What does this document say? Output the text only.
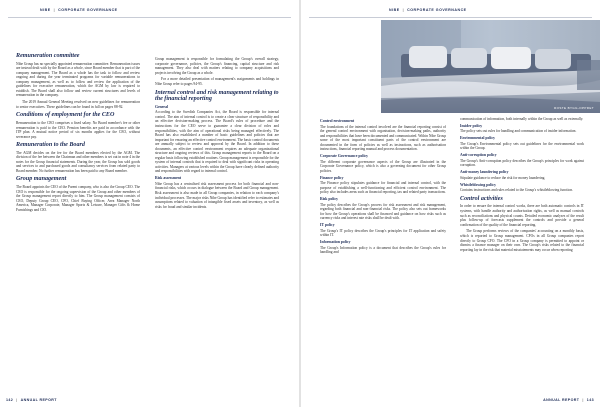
NIBE | CORPORATE GOVERNANCE
Remuneration committee

Nibe Group has no specially appointed remuneration committee. Remuneration issues are instead dealt with by the Board as a whole, since Board member that is part of the company management. The Board as a whole has the task to follow and review ongoing and during the year terminated programs for variable remunerations to company management, as well as to follow and review the application of the guidelines for executive remuneration, which the AGM by law is required to establish. The Board shall also follow and review current structures and levels of remuneration in the company.

The 2019 Annual General Meeting resolved on new guidelines for remuneration to senior executives. These guidelines can be found in full on pages 88-92.

Conditions of employment for the CEO

Remuneration to the CEO comprises a fixed salary. No Board member's fee or other remuneration is paid to the CEO. Pension benefits are paid in accordance with the ITP plan. A mutual notice period of six months applies for the CEO, without severance pay.

Remuneration to the Board

The AGM decides on the fee for the Board members elected by the AGM. The division of the fee between the Chairman and other members is set out in note 4 in the notes for the Group financial statements. During the year, the Group has sold goods and services to and purchased goods and consultancy services from related party to Board member. No further remuneration has been paid to any Board member.

Group management

The Board appoints the CEO of the Parent company, who is also the Group CEO. The CEO is responsible for the ongoing supervision of the Group and other members of the Group management report directly to him. The Group management consists of CEO, Deputy Group CEO, CFO, Chief Buying Officer, Area Manager North America, Manager Corporate, Manager Sports & Leisure, Manager Gifts & Home Furnishings and CIO.

Group management is responsible for formulating the Group's overall strategy, corporate governance, policies, the Group's financing, capital structure and risk management. They also deal with matters relating to company acquisitions and projects involving the Group as a whole.

For a more detailed presentation of management's assignments and holdings in Nibe Group refer to pages 94-95.

Internal control and risk management relating to the financial reporting
General

According to the Swedish Companies Act, the Board is responsible for internal control. The aim of internal control is to create a clear structure of responsibility and an effective decision-making process. The Board's rules of procedure and the instructions for the CEO serve to guarantee a clear division of roles and responsibilities, with the aim of operational risks being managed effectively. The Board has also established a number of basic guidelines and policies that are important for ensuring an effective control environment. The basic control documents are annually subject to review and approval by the Board. In addition to these documents, an effective control environment requires an adequate organizational structure and ongoing reviews of this. Group management reports to the Board on a regular basis following established routines. Group management is responsible for the system of internal controls that is required to deal with significant risks in operating activities. Managers at various levels within the Group have clearly defined authority and responsibilities with regard to internal control.

Risk assessment

Nibe Group has a centralised risk assessment process for both financial and non-financial risks, which occurs in dialogue between the Board and Group management. Risk assessment is also made in all Group companies, in relation to each company's individual processes. The major risks Nibe Group has identified refer to estimates and assumptions related to valuation of intangible fixed assets and inventory, as well as risks for fraud and similar incidents.

142 | ANNUAL REPORT
NIBE | CORPORATE GOVERNANCE
ROSTE BYGG-OPPRET
Control environment

The foundations of the internal control involved are the financial reporting consist of the general control environment with organisation, decision-making paths, authority and responsibilities that have been documented and communicated. Within Nibe Group some of the most important constituent parts of the control environment are documented in the form of policies as well as instructions, such as authorisation instructions, financial reporting manual and process documentation.

Corporate Governance policy

The different corporate governance aspects of the Group are illustrated in the Corporate Governance policy, which is also a governing document for other Group policies.

Finance policy

The Finance policy stipulates guidance for financial and internal control, with the purpose of establishing a well-functioning and efficient control environment. The policy also includes areas such as financial reporting, tax and related party transactions.

Risk policy

The policy describes the Group's process for risk assessment and risk management, regarding both financial and non-financial risks. The policy also sets out frameworks for how the Group's operations shall be financed and guidance on how risks such as currency risks and interest rate risks shall be dealt with.

IT policy

The Group's IT policy describes the Group's principles for IT application and safety within IT.

Information policy

The Group's Information policy is a document that describes the Group's rules for handling and

communication of information, both internally within the Group as well as externally.

Insider policy

The policy sets out rules for handling and communication of insider information.

Environmental policy

The Group's Environmental policy sets out guidelines for the environmental work within the Group.

Anti-corruption policy

The Group's Anti-corruption policy describes the Group's principles for work against corruption.

Anti-money laundering policy

Stipulate guidance to reduce the risk for money laundering.

Whistleblowing policy

Contains instructions and rules related to the Group's whistleblowing function.

Control activities

In order to ensure the internal control works, there are both automatic controls in IT systems, with handle authority and authorisation rights, as well as manual controls such as reconciliations and physical counts. Detailed economic analyses of the result plus follow-up of forecasts supplement the controls and provide a general confirmation of the quality of the financial reporting.

The Group performs reviews of the companies' accounting on a monthly basis, which is reported to Group management. CFOs in all Group companies report directly to Group CFO. The CFO in a Group company is permitted to appoint or dismiss a finance manager on their own. The Group's risks related to the financial reporting lay in the risk that material misstatements may occur when reporting

ANNUAL REPORT | 143
